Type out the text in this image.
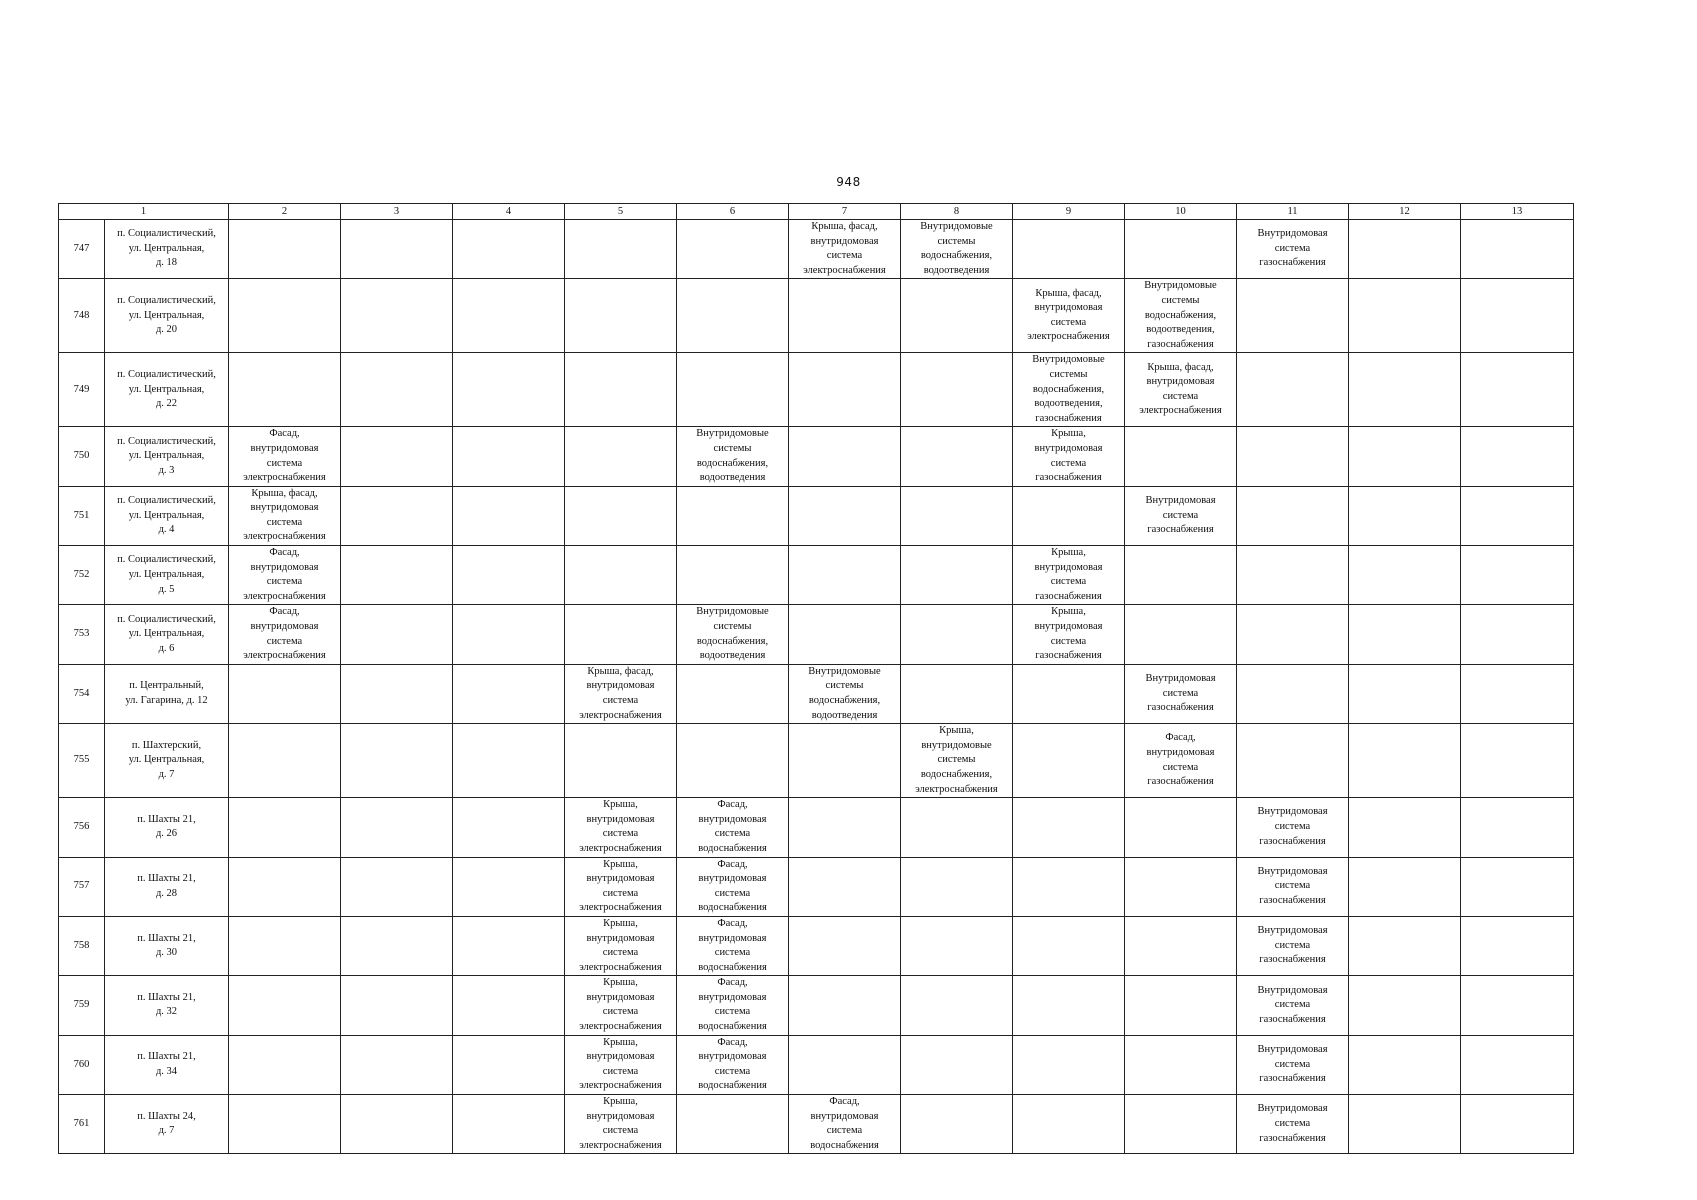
948
1		2	3	4	5	6	7	8	9	10	11	12	13
747	п. Социалистический,
ул. Центральная,
д. 18						Крыша, фасад,
внутридомовая
система
электроснабжения	Внутридомовые
системы
водоснабжения,
водоотведения			Внутридомовая
система
газоснабжения		
748	п. Социалистический,
ул. Центральная,
д. 20								Крыша, фасад,
внутридомовая
система
электроснабжения	Внутридомовые
системы
водоснабжения,
водоотведения,
газоснабжения			
749	п. Социалистический,
ул. Центральная,
д. 22								Внутридомовые
системы
водоснабжения,
водоотведения,
газоснабжения	Крыша, фасад,
внутридомовая
система
электроснабжения			
750	п. Социалистический,
ул. Центральная,
д. 3	Фасад,
внутридомовая
система
электроснабжения				Внутридомовые
системы
водоснабжения,
водоотведения			Крыша,
внутридомовая
система
газоснабжения				
751	п. Социалистический,
ул. Центральная,
д. 4	Крыша, фасад,
внутридомовая
система
электроснабжения								Внутридомовая
система
газоснабжения			
752	п. Социалистический,
ул. Центральная,
д. 5	Фасад,
внутридомовая
система
электроснабжения							Крыша,
внутридомовая
система
газоснабжения				
753	п. Социалистический,
ул. Центральная,
д. 6	Фасад,
внутридомовая
система
электроснабжения				Внутридомовые
системы
водоснабжения,
водоотведения			Крыша,
внутридомовая
система
газоснабжения				
754	п. Центральный,
ул. Гагарина, д. 12				Крыша, фасад,
внутридомовая
система
электроснабжения		Внутридомовые
системы
водоснабжения,
водоотведения			Внутридомовая
система
газоснабжения			
755	п. Шахтерский,
ул. Центральная,
д. 7							Крыша,
внутридомовые
системы
водоснабжения,
электроснабжения		Фасад,
внутридомовая
система
газоснабжения			
756	п. Шахты 21,
д. 26				Крыша,
внутридомовая
система
электроснабжения	Фасад,
внутридомовая
система
водоснабжения					Внутридомовая
система
газоснабжения		
757	п. Шахты 21,
д. 28				Крыша,
внутридомовая
система
электроснабжения	Фасад,
внутридомовая
система
водоснабжения					Внутридомовая
система
газоснабжения		
758	п. Шахты 21,
д. 30				Крыша,
внутридомовая
система
электроснабжения	Фасад,
внутридомовая
система
водоснабжения					Внутридомовая
система
газоснабжения		
759	п. Шахты 21,
д. 32				Крыша,
внутридомовая
система
электроснабжения	Фасад,
внутридомовая
система
водоснабжения					Внутридомовая
система
газоснабжения		
760	п. Шахты 21,
д. 34				Крыша,
внутридомовая
система
электроснабжения	Фасад,
внутридомовая
система
водоснабжения					Внутридомовая
система
газоснабжения		
761	п. Шахты 24,
д. 7				Крыша,
внутридомовая
система
электроснабжения		Фасад,
внутридомовая
система
водоснабжения				Внутридомовая
система
газоснабжения		
